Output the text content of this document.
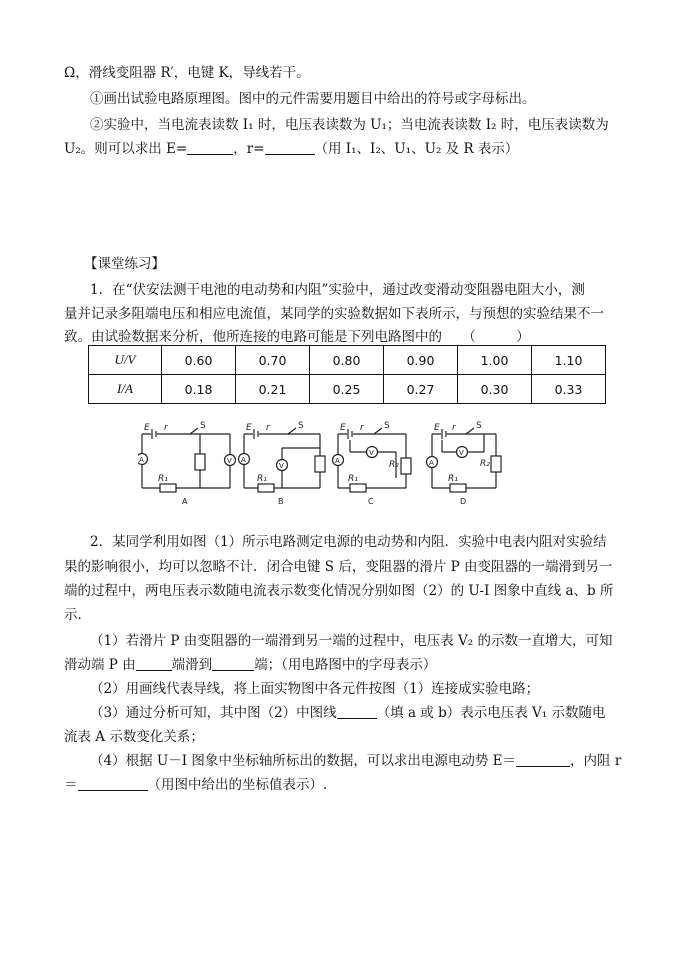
Ω，滑线变阻器 R′，电键 K，导线若干。
①画出试验电路原理图。图中的元件需要用题目中给出的符号或字母标出。
②实验中，当电流表读数 I₁ 时，电压表读数为 U₁；当电流表读数 I₂ 时，电压表读数为
U₂。则可以求出 E=	，r=	（用 I₁、I₂、U₁、U₂ 及 R 表示）
【课堂练习】
1．在“伏安法测干电池的电动势和内阻”实验中，通过改变滑动变阻器电阻大小，测
量并记录多阻端电压和相应电流值，某同学的实验数据如下表所示，与预想的实验结果不一
致。由试验数据来分析，他所连接的电路可能是下列电路图中的　　（　　　）
U/V	0.60	0.70	0.80	0.90	1.00	1.10
I/A	0.18	0.21	0.25	0.27	0.30	0.33
E r	S
A	V
R₁
A
E r	S
A
V
R₁
B
E r S
A
V
R₂
R₁
C
E r S
A
V
R₂
R₁
D
2．某同学利用如图（1）所示电路测定电源的电动势和内阻．实验中电表内阻对实验结
果的影响很小，均可以忽略不计．闭合电键 S 后，变阻器的滑片 P 由变阻器的一端滑到另一
端的过程中，两电压表示数随电流表示数变化情况分别如图（2）的 U-I 图象中直线 a、b 所
示．
（1）若滑片 P 由变阻器的一端滑到另一端的过程中，电压表 V₂ 的示数一直增大，可知
滑动端 P 由	端滑到	端；（用电路图中的字母表示）
（2）用画线代表导线，将上面实物图中各元件按图（1）连接成实验电路；
（3）通过分析可知，其中图（2）中图线	（填 a 或 b）表示电压表 V₁ 示数随电
流表 A 示数变化关系；
（4）根据 U－I 图象中坐标轴所标出的数据，可以求出电源电动势 E＝	，内阻 r
＝	（用图中给出的坐标值表示）.
